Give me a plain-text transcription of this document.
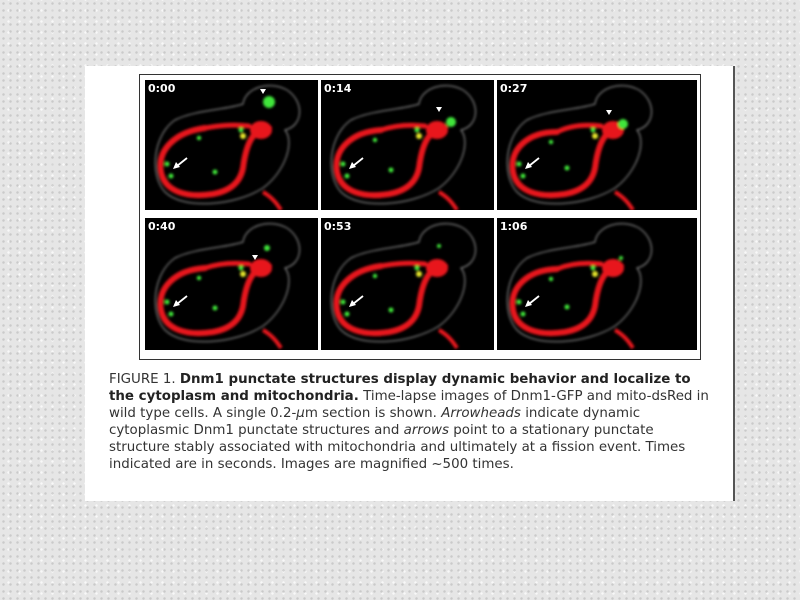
0:00	0:14	0:27
0:40	0:53	1:06

FIGURE 1. Dnm1 punctate structures display dynamic behavior and localize to the cytoplasm and mitochondria. Time-lapse images of Dnm1-GFP and mito-dsRed in wild type cells. A single 0.2-μm section is shown. Arrowheads indicate dynamic cytoplasmic Dnm1 punctate structures and arrows point to a stationary punctate structure stably associated with mitochondria and ultimately at a fission event. Times indicated are in seconds. Images are magnified ~500 times.
